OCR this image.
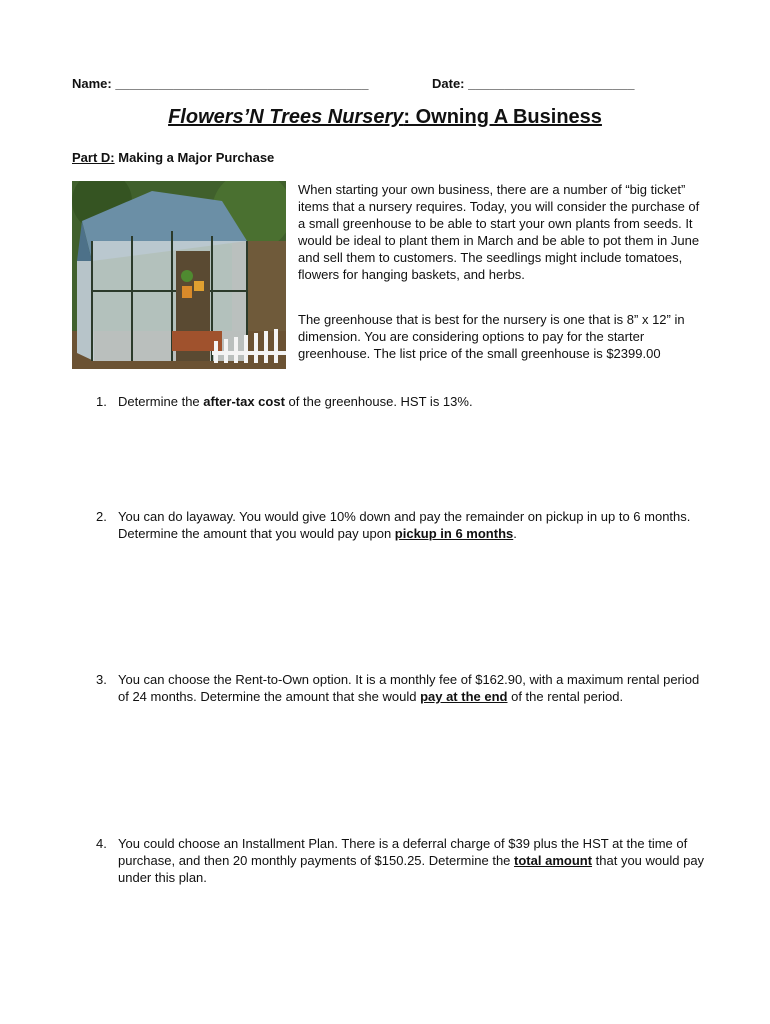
Name: ___________________________________	Date: _______________________
Flowers’N Trees Nursery: Owning A Business
Part D: Making a Major Purchase
When starting your own business, there are a number of “big ticket” items that a nursery requires. Today, you will consider the purchase of a small greenhouse to be able to start your own plants from seeds. It would be ideal to plant them in March and be able to pot them in June and sell them to customers. The seedlings might include tomatoes, flowers for hanging baskets, and herbs.
The greenhouse that is best for the nursery is one that is 8” x 12” in dimension. You are considering options to pay for the starter greenhouse. The list price of the small greenhouse is $2399.00
1. Determine the after-tax cost of the greenhouse. HST is 13%.
2. You can do layaway. You would give 10% down and pay the remainder on pickup in up to 6 months. Determine the amount that you would pay upon pickup in 6 months.
3. You can choose the Rent-to-Own option. It is a monthly fee of $162.90, with a maximum rental period of 24 months. Determine the amount that she would pay at the end of the rental period.
4. You could choose an Installment Plan. There is a deferral charge of $39 plus the HST at the time of purchase, and then 20 monthly payments of $150.25. Determine the total amount that you would pay under this plan.
